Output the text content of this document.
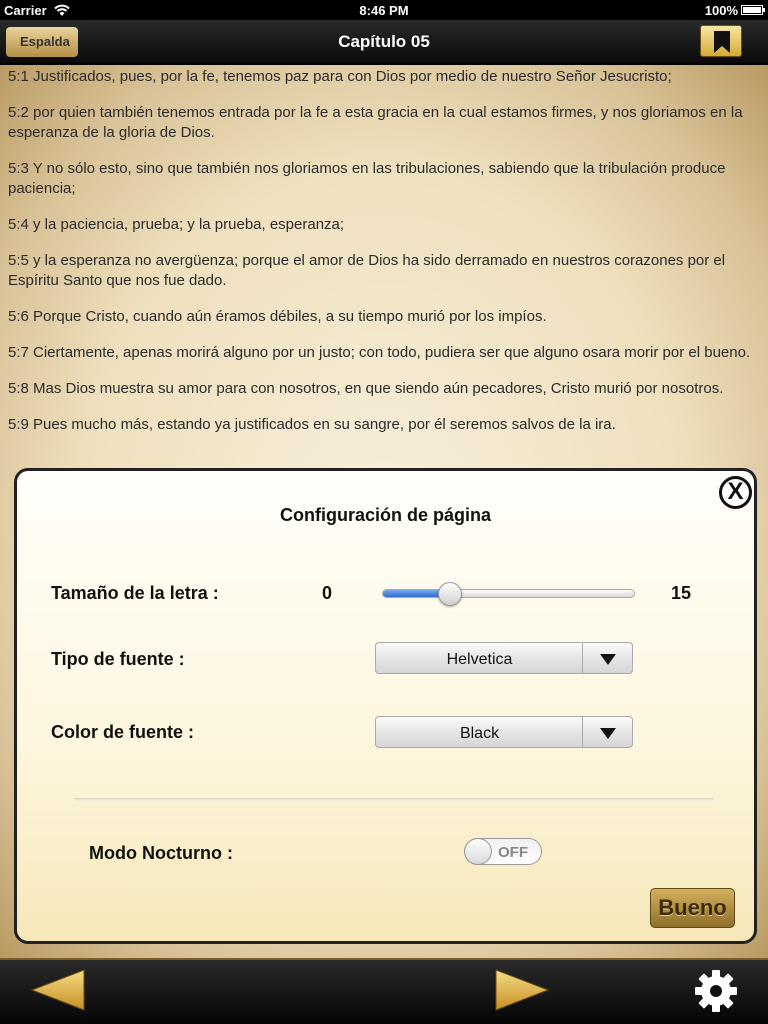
Carrier	8:46 PM	100%
Espalda	Capítulo 05

5:1 Justificados, pues, por la fe, tenemos paz para con Dios por medio de nuestro Señor Jesucristo;

5:2 por quien también tenemos entrada por la fe a esta gracia en la cual estamos firmes, y nos gloriamos en la esperanza de la gloria de Dios.

5:3 Y no sólo esto, sino que también nos gloriamos en las tribulaciones, sabiendo que la tribulación produce paciencia;

5:4 y la paciencia, prueba; y la prueba, esperanza;

5:5 y la esperanza no avergüenza; porque el amor de Dios ha sido derramado en nuestros corazones por el Espíritu Santo que nos fue dado.

5:6 Porque Cristo, cuando aún éramos débiles, a su tiempo murió por los impíos.

5:7 Ciertamente, apenas morirá alguno por un justo; con todo, pudiera ser que alguno osara morir por el bueno.

5:8 Mas Dios muestra su amor para con nosotros, en que siendo aún pecadores, Cristo murió por nosotros.

5:9 Pues mucho más, estando ya justificados en su sangre, por él seremos salvos de la ira.

X
Configuración de página
Tamaño de la letra :	0	15
Tipo de fuente :	Helvetica
Color de fuente :	Black
Modo Nocturno :	OFF
Bueno
